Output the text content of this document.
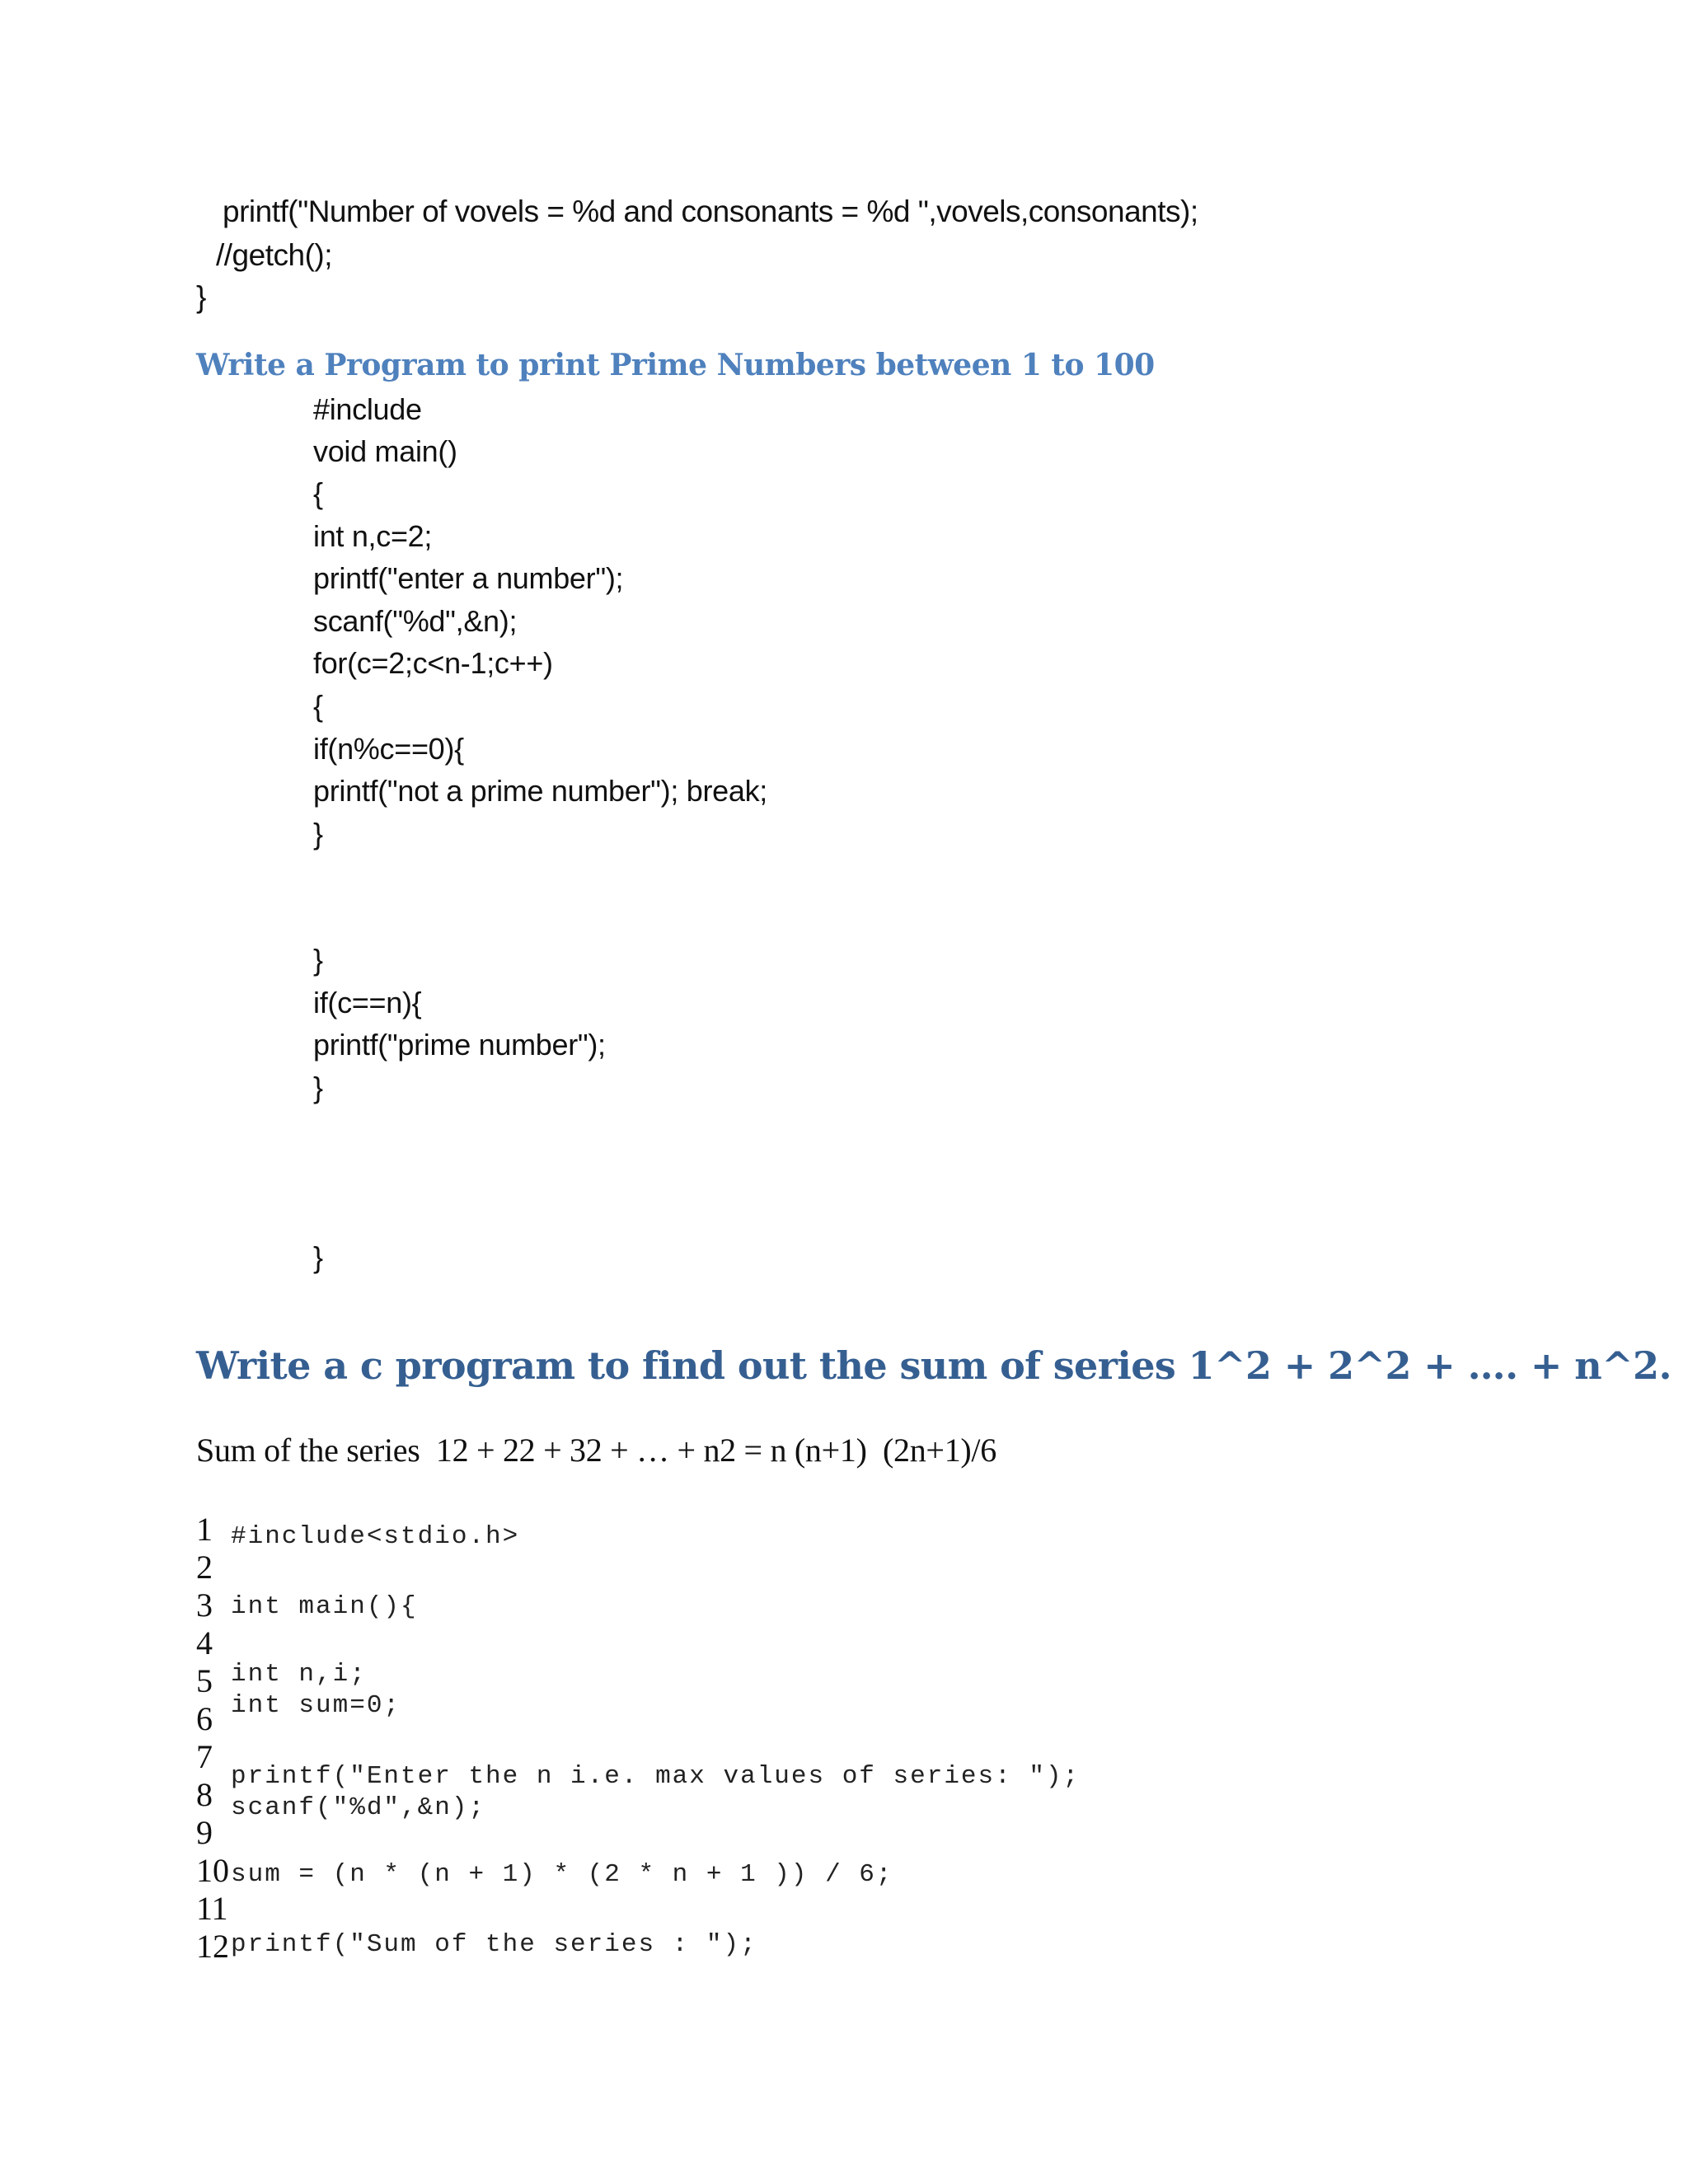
printf("Number of vovels = %d and consonants = %d ",vovels,consonants);
//getch();
}
Write a Program to print Prime Numbers between 1 to 100
#include
void main()
{
int n,c=2;
printf("enter a number");
scanf("%d",&n);
for(c=2;c<n-1;c++)
{
if(n%c==0){
printf("not a prime number"); break;
}
}
if(c==n){
printf("prime number");
}
}
Write a c program to find out the sum of series 1^2 + 2^2 + …. + n^2.
Sum of the series  12 + 22 + 32 + … + n2 = n (n+1)  (2n+1)/6
1
2
3
4
5
6
7
8
9
10
11
12
#include<stdio.h>
int main(){
int n,i;
int sum=0;
printf("Enter the n i.e. max values of series: ");
scanf("%d",&n);
sum = (n * (n + 1) * (2 * n + 1 )) / 6;
printf("Sum of the series : ");
